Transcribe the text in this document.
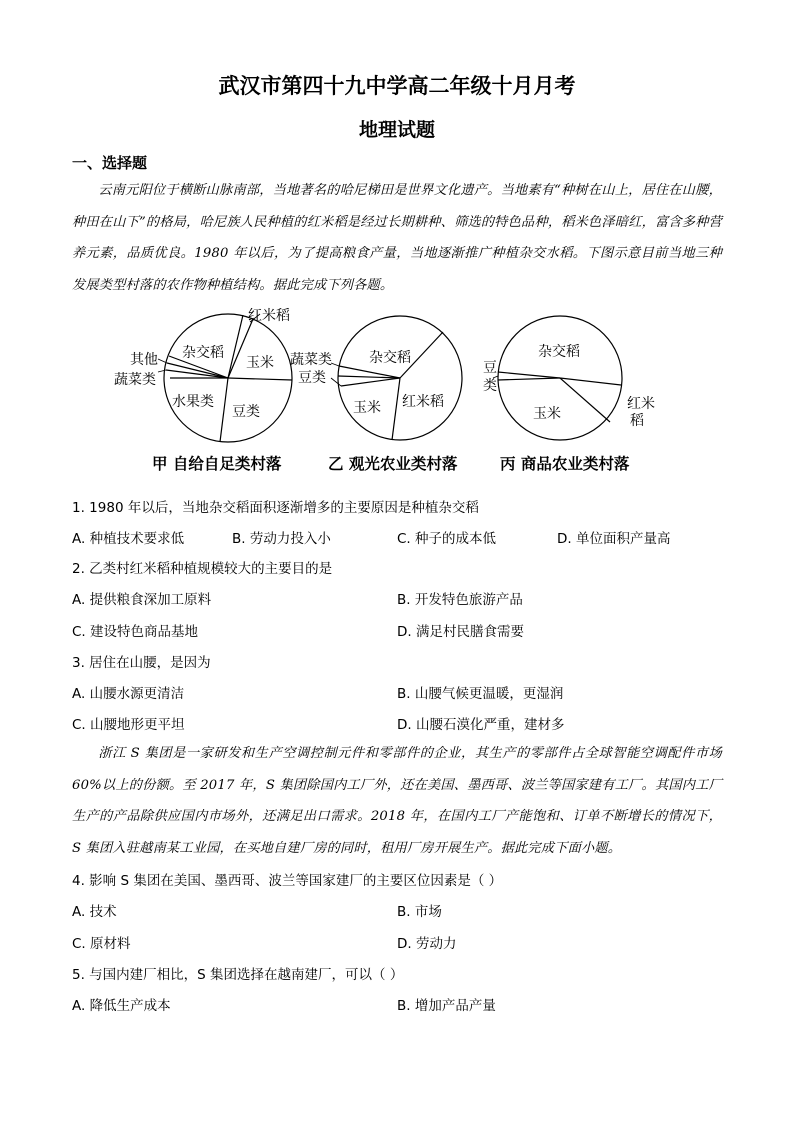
武汉市第四十九中学高二年级十月月考
地理试题
一、选择题
云南元阳位于横断山脉南部，当地著名的哈尼梯田是世界文化遗产。当地素有“种树在山上，居住在山腰，种田在山下”的格局，哈尼族人民种植的红米稻是经过长期耕种、筛选的特色品种，稻米色泽暗红，富含多种营养元素，品质优良。1980 年以后，为了提高粮食产量，当地逐渐推广种植杂交水稻。下图示意目前当地三种发展类型村落的农作物种植结构。据此完成下列各题。
红米稻
玉米
豆类
水果类
蔬菜类
其他 杂交稻	杂交稻
红米稻
玉米
蔬菜类
豆类
杂交稻
玉米
豆
类
红米
稻
甲 自给自足类村落	乙 观光农业类村落	丙 商品农业类村落
1. 1980 年以后，当地杂交稻面积逐渐增多的主要原因是种植杂交稻
A. 种植技术要求低	B. 劳动力投入小	C. 种子的成本低	D. 单位面积产量高
2. 乙类村红米稻种植规模较大的主要目的是
A. 提供粮食深加工原料	B. 开发特色旅游产品
C. 建设特色商品基地	D. 满足村民膳食需要
3. 居住在山腰，是因为
A. 山腰水源更清洁	B. 山腰气候更温暖，更湿润
C. 山腰地形更平坦	D. 山腰石漠化严重，建材多
浙江 S 集团是一家研发和生产空调控制元件和零部件的企业，其生产的零部件占全球智能空调配件市场 60%以上的份额。至 2017 年，S 集团除国内工厂外，还在美国、墨西哥、波兰等国家建有工厂。其国内工厂生产的产品除供应国内市场外，还满足出口需求。2018 年，在国内工厂产能饱和、订单不断增长的情况下，S 集团入驻越南某工业园，在买地自建厂房的同时，租用厂房开展生产。据此完成下面小题。
4. 影响 S 集团在美国、墨西哥、波兰等国家建厂的主要区位因素是（ ）
A. 技术	B. 市场
C. 原材料	D. 劳动力
5. 与国内建厂相比，S 集团选择在越南建厂，可以（ ）
A. 降低生产成本	B. 增加产品产量
